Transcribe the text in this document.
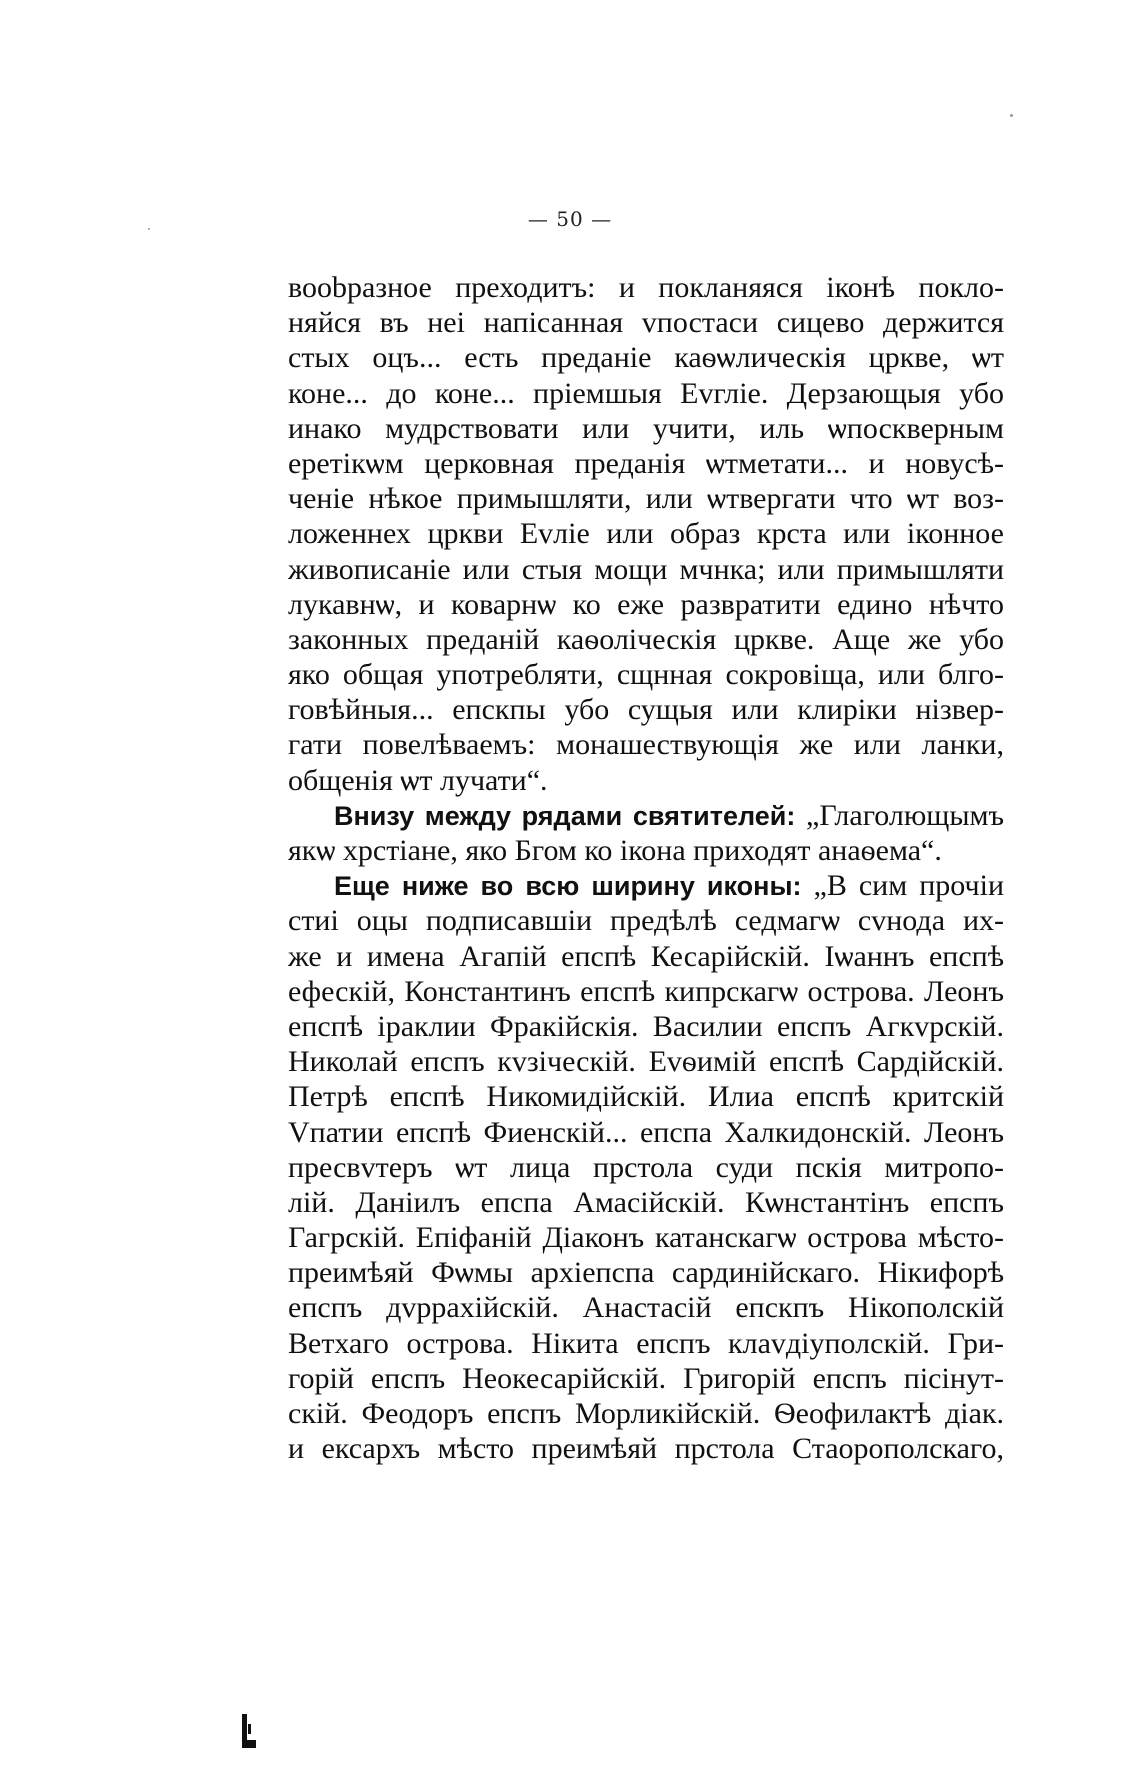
— 50 —
вооbразное преходитъ: и покланяяся іконѣ покло-
няйся въ неі напісанная vпостаси сицево держится
стых оцъ... есть преданіе каѳѡлическія цркве, ѡт
коне... до коне... пріемшыя Еvгліе. Дерзающыя убо
инако мудрствовати или учити, иль ѡпоскверным
еретікѡм церковная преданія ѡтметати... и новусѣ-
ченіе нѣкое примышляти, или ѡтвергати что ѡт воз-
ложеннех цркви Еvліе или образ крста или іконное
живописаніе или стыя мощи мчнка; или примышляти
лукавнѡ, и коварнѡ ко еже развратити едино нѣчто
законных преданій каѳоліческія цркве. Аще же убо
яко общая употребляти, сщнная сокровіща, или блго-
говѣйныя... епскпы убо сущыя или клиріки нізвер-
гати повелѣваемъ: монашествующія же или ланки,
общенія ѡт лучати“.
Внизу между рядами святителей: „Глаголющымъ
якѡ хрстіане, яко Бгом ко ікона приходят анаѳема“.
Еще ниже во всю ширину иконы: „В сим прочіи
стиі оцы подписавшіи предѣлѣ седмагѡ сvнода их-
же и имена Агапій епспѣ Кесарійскій. Іѡаннъ епспѣ
ефескій, Константинъ епспѣ кипрскагѡ острова. Леонъ
епспѣ іраклии Фракійскія. Василии епспъ Агкvрскій.
Николай епспъ кvзіческій. Еvѳимій епспѣ Сардійскій.
Петрѣ епспѣ Никомидійскій. Илиа епспѣ критскій
Vпатии епспѣ Фиенскій... епспа Халкидонскій. Леонъ
пресвvтеръ ѡт лица прстола суди пскія митропо-
лій. Даніилъ епспа Амасійскій. Кѡнстантінъ епспъ
Гагрскій. Епіфаній Діаконъ катанскагѡ острова мѣсто-
преимѣяй Фѡмы архіепспа сардинійскаго. Нікифорѣ
епспъ дvррахійскій. Анастасій епскпъ Нікополскій
Ветхаго острова. Нікита епспъ клаvдіуполскій. Гри-
горій епспъ Неокесарійскій. Григорій епспъ пісінут-
скій. Феодоръ епспъ Морликійскій. Ѳеофилактѣ діак.
и ексархъ мѣсто преимѣяй прстола Стаорополскаго,
